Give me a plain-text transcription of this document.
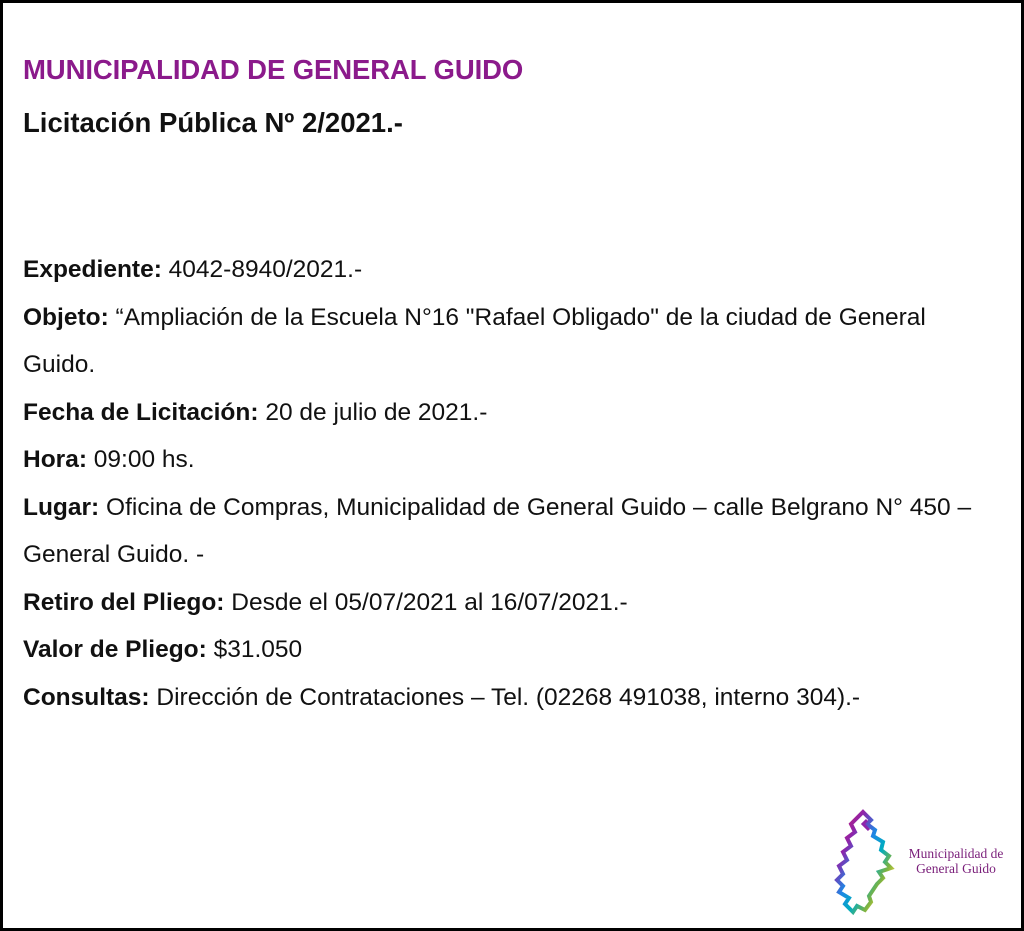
MUNICIPALIDAD DE GENERAL GUIDO
Licitación Pública Nº 2/2021.-

Expediente: 4042-8940/2021.-

Objeto: “Ampliación de la Escuela N°16 "Rafael Obligado" de la ciudad de General Guido.

Fecha de Licitación: 20 de julio de 2021.-

Hora: 09:00 hs.

Lugar: Oficina de Compras, Municipalidad de General Guido – calle Belgrano N° 450 – General Guido. -

Retiro del Pliego: Desde el 05/07/2021 al 16/07/2021.-

Valor de Pliego: $31.050

Consultas: Dirección de Contrataciones – Tel. (02268 491038, interno 304).-

Municipalidad de
General Guido
